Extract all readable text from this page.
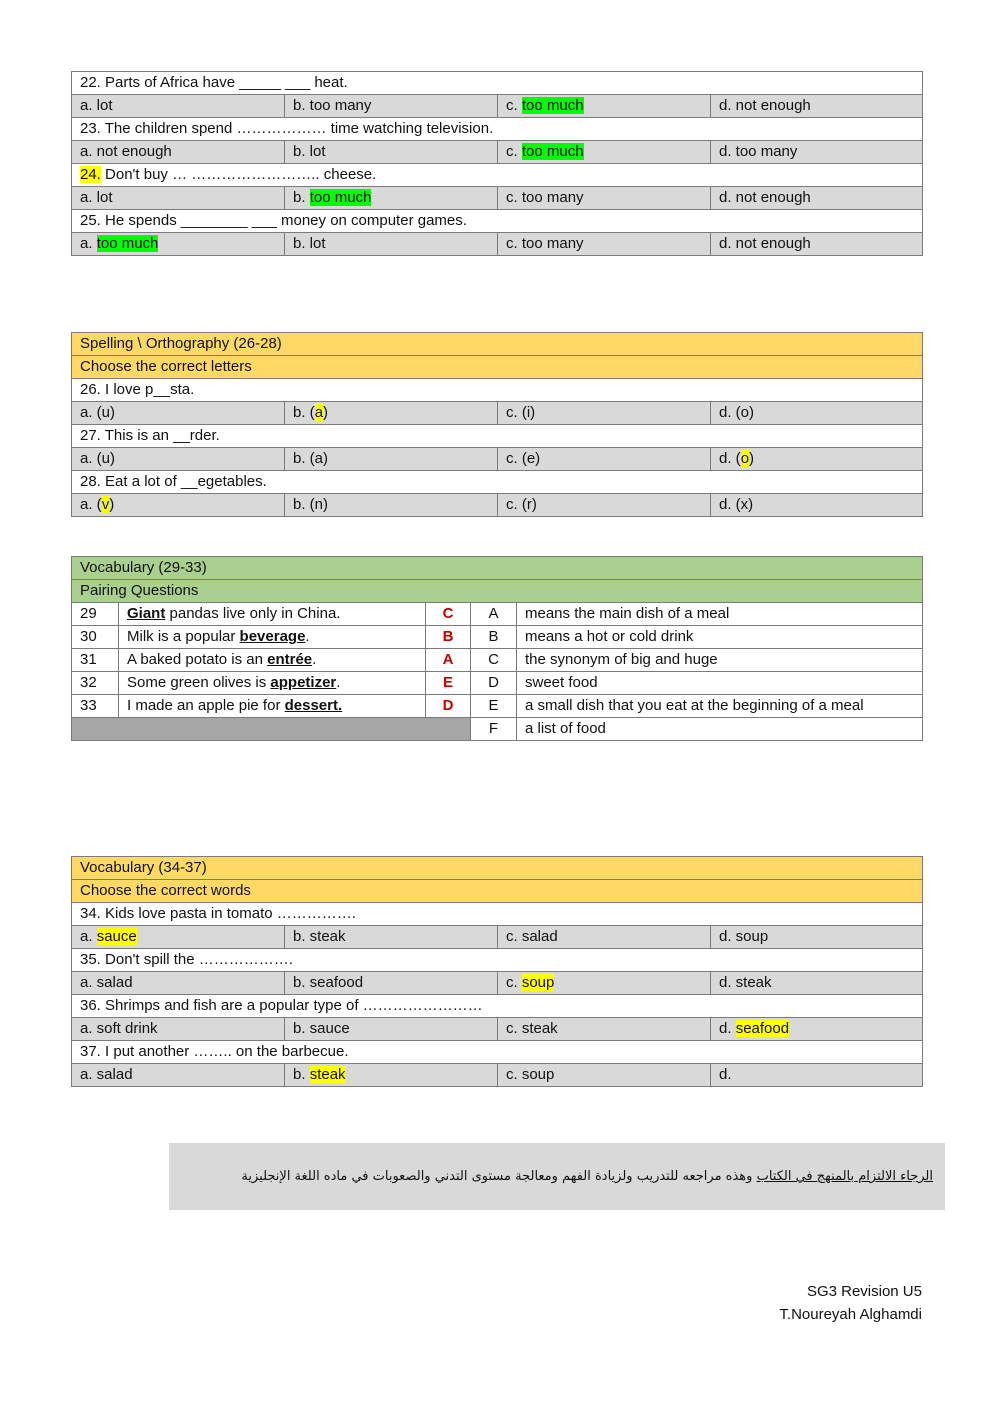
22. Parts of Africa have _____ ___ heat.			
a. lot	b. too many	c. too much	d. not enough
23. The children spend ……………… time watching television.			
a. not enough	b. lot	c. too much	d. too many
24. Don't buy … …………………….. cheese.			
a. lot	b. too much	c. too many	d. not enough
25. He spends ________ ___ money on computer games.			
a. too much	b. lot	c. too many	d. not enough
Spelling \ Orthography (26-28)			
Choose the correct letters			
26. I love p__sta.			
a. (u)	b. (a)	c. (i)	d. (o)
27. This is an __rder.			
a. (u)	b. (a)	c. (e)	d. (o)
28. Eat a lot of __egetables.			
a. (v)	b. (n)	c. (r)	d. (x)
Vocabulary (29-33)				
Pairing Questions				
29	Giant pandas live only in China.	C	A	means the main dish of a meal
30	Milk is a popular beverage.	B	B	means a hot or cold drink
31	A baked potato is an entrée.	A	C	the synonym of big and huge
32	Some green olives is appetizer.	E	D	sweet food
33	I made an apple pie for dessert.	D	E	a small dish that you eat at the beginning of a meal
			F	a list of food
Vocabulary (34-37)			
Choose the correct words			
34. Kids love pasta in tomato …………….			
a. sauce	b. steak	c. salad	d. soup
35. Don't spill the ……………….			
a. salad	b. seafood	c. soup	d. steak
36. Shrimps and fish are a popular type of ……………………			
a. soft drink	b. sauce	c. steak	d. seafood
37. I put another …….. on the barbecue.			
a. salad	b. steak	c. soup	d.
الرجاء الالتزام بالمنهج في الكتاب وهذه مراجعه للتدريب ولزيادة الفهم ومعالجة مستوى التدني والصعوبات في ماده اللغة الإنجليزية
SG3 Revision U5
T.Noureyah Alghamdi
